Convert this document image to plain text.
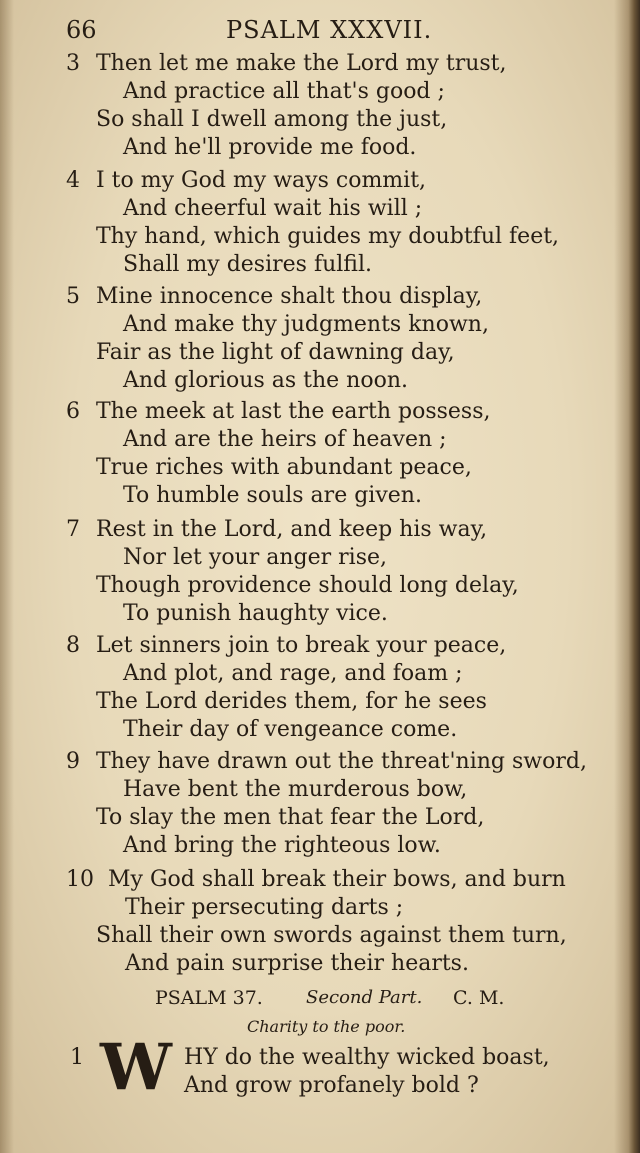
66	PSALM XXXVII.
3 Then let me make the Lord my trust,
And practice all that's good ;
So shall I dwell among the just,
And he'll provide me food.
4 I to my God my ways commit,
And cheerful wait his will ;
Thy hand, which guides my doubtful feet,
Shall my desires fulfil.
5 Mine innocence shalt thou display,
And make thy judgments known,
Fair as the light of dawning day,
And glorious as the noon.
6 The meek at last the earth possess,
And are the heirs of heaven ;
True riches with abundant peace,
To humble souls are given.
7 Rest in the Lord, and keep his way,
Nor let your anger rise,
Though providence should long delay,
To punish haughty vice.
8 Let sinners join to break your peace,
And plot, and rage, and foam ;
The Lord derides them, for he sees
Their day of vengeance come.
9 They have drawn out the threat'ning sword,
Have bent the murderous bow,
To slay the men that fear the Lord,
And bring the righteous low.
10 My God shall break their bows, and burn
Their persecuting darts ;
Shall their own swords against them turn,
And pain surprise their hearts.
PSALM 37. Second Part. C. M.
Charity to the poor.
1 W HY do the wealthy wicked boast,
And grow profanely bold ?
